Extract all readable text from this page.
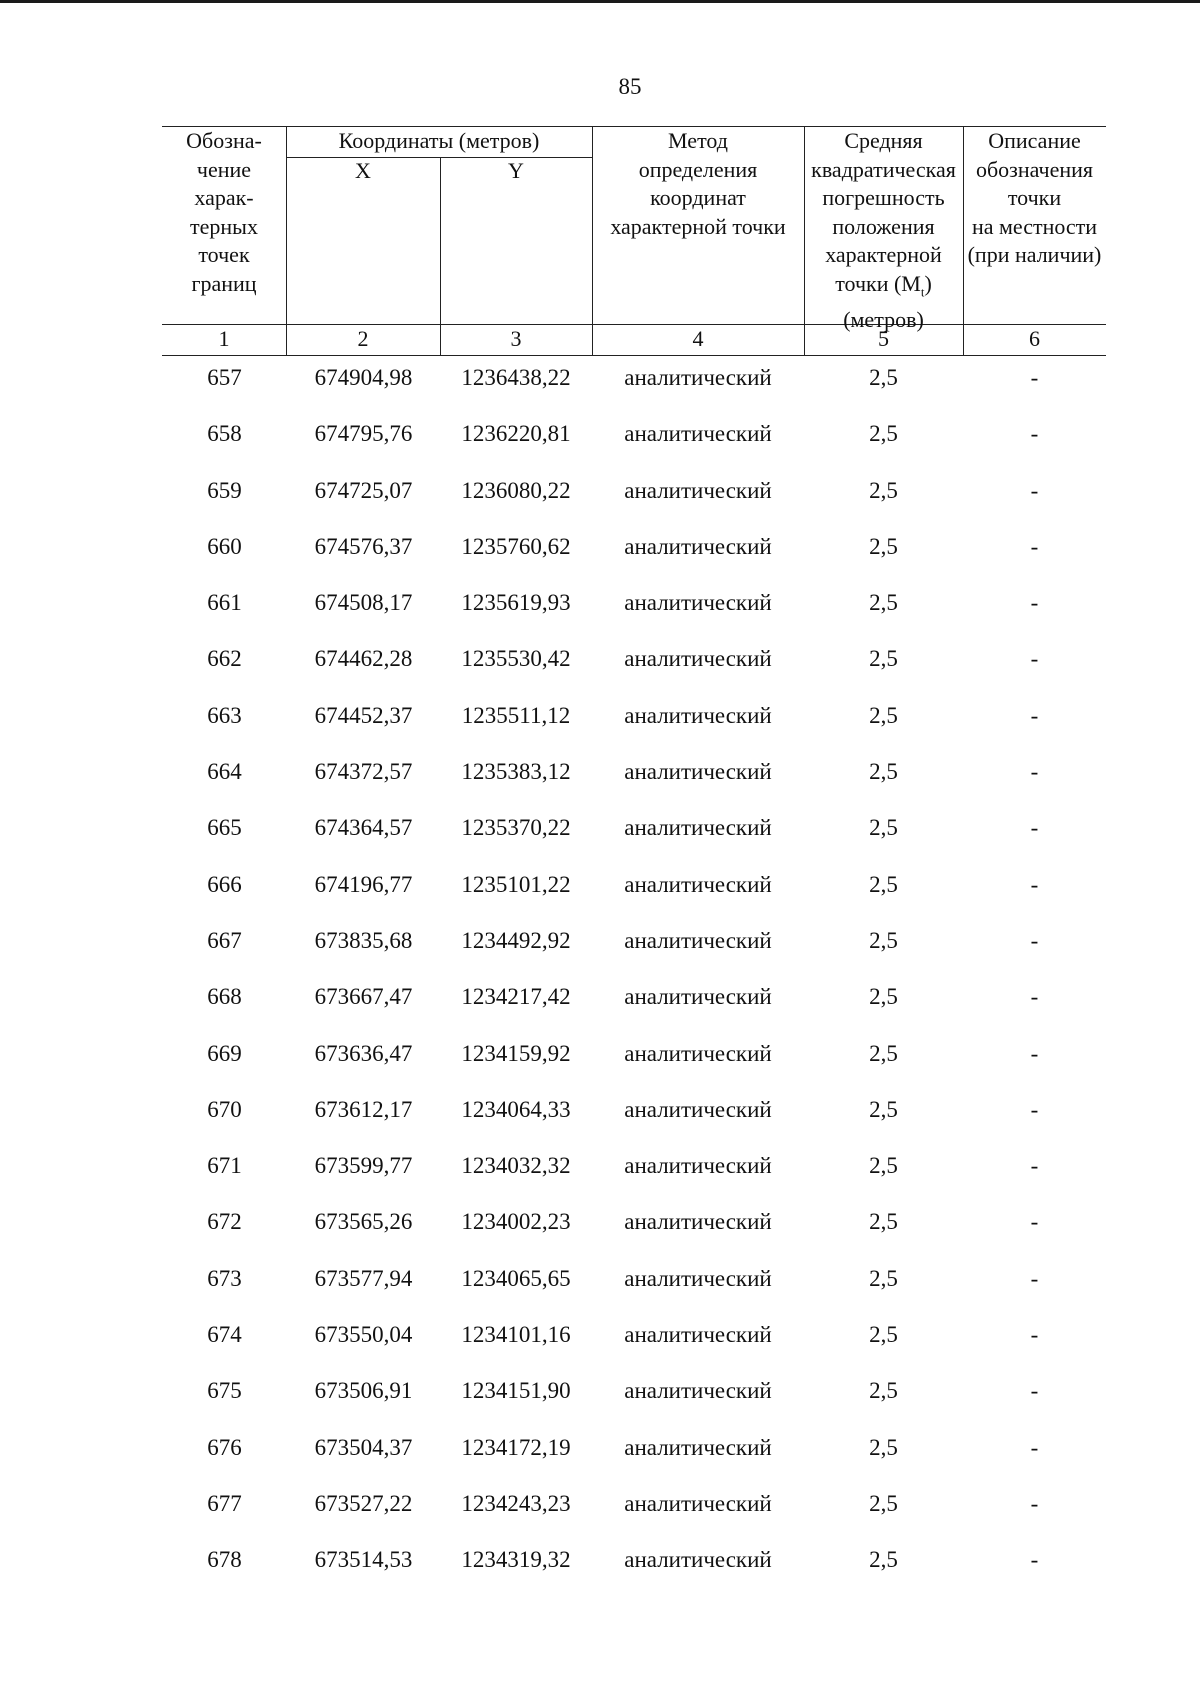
85
Обозна-
чение
харак-
терных
точек
границ
Координаты (метров)
X	Y
Метод
определения
координат
характерной точки
Средняя
квадратическая
погрешность
положения
характерной
точки $(M_t)$
(метров)
Описание
обозначения
точки
на местности
(при наличии)
1	2	3	4	5	6
657	674904,98	1236438,22	аналитический	2,5	-
658	674795,76	1236220,81	аналитический	2,5	-
659	674725,07	1236080,22	аналитический	2,5	-
660	674576,37	1235760,62	аналитический	2,5	-
661	674508,17	1235619,93	аналитический	2,5	-
662	674462,28	1235530,42	аналитический	2,5	-
663	674452,37	1235511,12	аналитический	2,5	-
664	674372,57	1235383,12	аналитический	2,5	-
665	674364,57	1235370,22	аналитический	2,5	-
666	674196,77	1235101,22	аналитический	2,5	-
667	673835,68	1234492,92	аналитический	2,5	-
668	673667,47	1234217,42	аналитический	2,5	-
669	673636,47	1234159,92	аналитический	2,5	-
670	673612,17	1234064,33	аналитический	2,5	-
671	673599,77	1234032,32	аналитический	2,5	-
672	673565,26	1234002,23	аналитический	2,5	-
673	673577,94	1234065,65	аналитический	2,5	-
674	673550,04	1234101,16	аналитический	2,5	-
675	673506,91	1234151,90	аналитический	2,5	-
676	673504,37	1234172,19	аналитический	2,5	-
677	673527,22	1234243,23	аналитический	2,5	-
678	673514,53	1234319,32	аналитический	2,5	-
